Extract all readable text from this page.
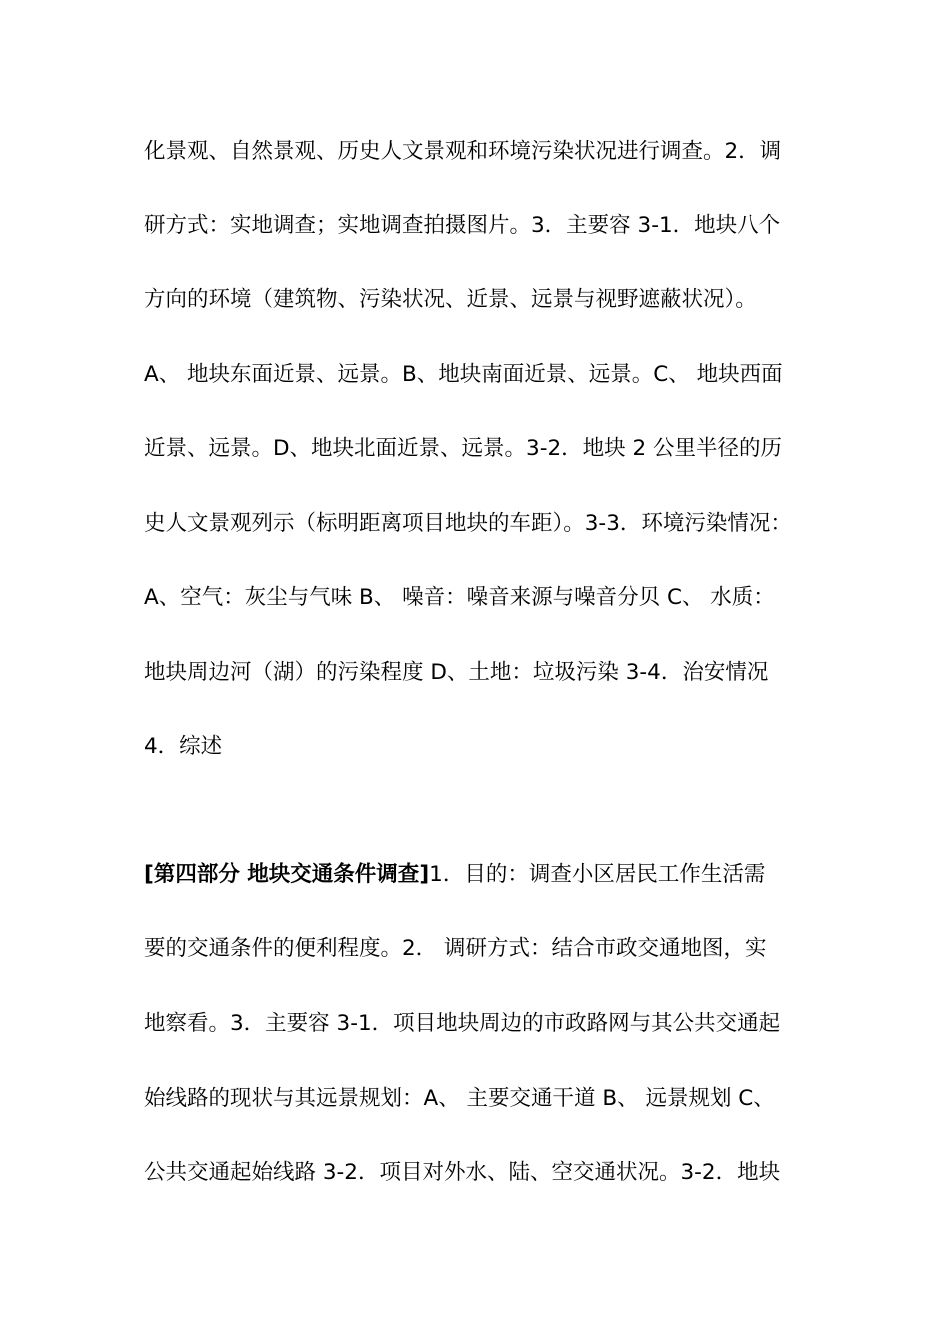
化景观、自然景观、历史人文景观和环境污染状况进行调查。2．调
研方式：实地调查；实地调查拍摄图片。3．主要容 3-1．地块八个
方向的环境（建筑物、污染状况、近景、远景与视野遮蔽状况）。
A、 地块东面近景、远景。B、地块南面近景、远景。C、 地块西面
近景、远景。D、地块北面近景、远景。3-2．地块 2 公里半径的历
史人文景观列示（标明距离项目地块的车距）。3-3．环境污染情况：
A、空气：灰尘与气味 B、 噪音：噪音来源与噪音分贝 C、 水质：
地块周边河（湖）的污染程度 D、土地：垃圾污染 3-4．治安情况
4．综述
[第四部分 地块交通条件调查]1．目的：调查小区居民工作生活需
要的交通条件的便利程度。2． 调研方式：结合市政交通地图，实
地察看。3．主要容 3-1．项目地块周边的市政路网与其公共交通起
始线路的现状与其远景规划：A、 主要交通干道 B、 远景规划 C、
公共交通起始线路 3-2．项目对外水、陆、空交通状况。3-2．地块
